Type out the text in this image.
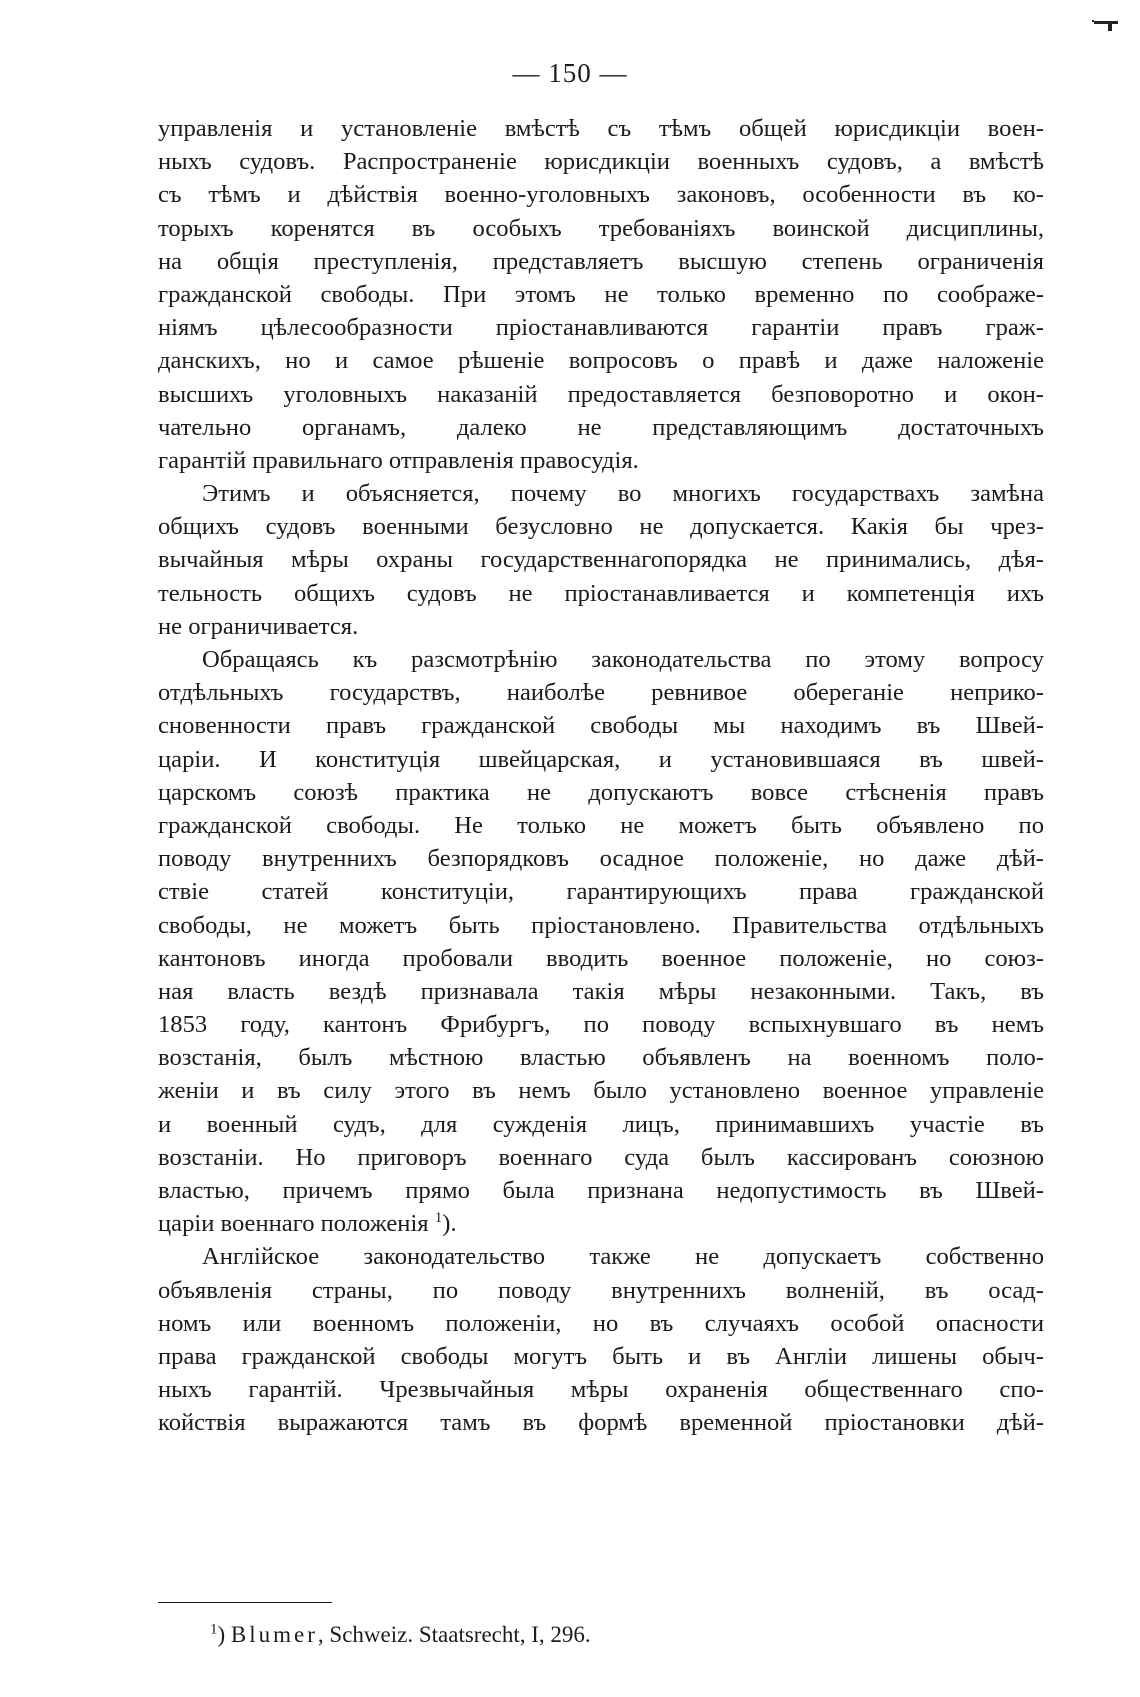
— 150 —
управленія и установленіе вмѣстѣ съ тѣмъ общей юрисдикціи воен-
ныхъ судовъ. Распространеніе юрисдикціи военныхъ судовъ, а вмѣстѣ
съ тѣмъ и дѣйствія военно-уголовныхъ законовъ, особенности въ ко-
торыхъ коренятся въ особыхъ требованіяхъ воинской дисциплины,
на общія преступленія, представляетъ высшую степень ограниченія
гражданской свободы. При этомъ не только временно по соображе-
ніямъ цѣлесообразности пріостанавливаются гарантіи правъ граж-
данскихъ, но и самое рѣшеніе вопросовъ о правѣ и даже наложеніе
высшихъ уголовныхъ наказаній предоставляется безповоротно и окон-
чательно органамъ, далеко не представляющимъ достаточныхъ
гарантій правильнаго отправленія правосудія.
Этимъ и объясняется, почему во многихъ государствахъ замѣна
общихъ судовъ военными безусловно не допускается. Какія бы чрез-
вычайныя мѣры охраны государственнагопорядка не принимались, дѣя-
тельность общихъ судовъ не пріостанавливается и компетенція ихъ
не ограничивается.
Обращаясь къ разсмотрѣнію законодательства по этому вопросу
отдѣльныхъ государствъ, наиболѣе ревнивое обереганіе неприко-
сновенности правъ гражданской свободы мы находимъ въ Швей-
царіи. И конституція швейцарская, и установившаяся въ швей-
царскомъ союзѣ практика не допускаютъ вовсе стѣсненія правъ
гражданской свободы. Не только не можетъ быть объявлено по
поводу внутреннихъ безпорядковъ осадное положеніе, но даже дѣй-
ствіе статей конституціи, гарантирующихъ права гражданской
свободы, не можетъ быть пріостановлено. Правительства отдѣльныхъ
кантоновъ иногда пробовали вводить военное положеніе, но союз-
ная власть вездѣ признавала такія мѣры незаконными. Такъ, въ
1853 году, кантонъ Фрибургъ, по поводу вспыхнувшаго въ немъ
возстанія, былъ мѣстною властью объявленъ на военномъ поло-
женіи и въ силу этого въ немъ было установлено военное управленіе
и военный судъ, для сужденія лицъ, принимавшихъ участіе въ
возстаніи. Но приговоръ военнаго суда былъ кассированъ союзною
властью, причемъ прямо была признана недопустимость въ Швей-
царіи военнаго положенія $^1$).
Англійское законодательство также не допускаетъ собственно
объявленія страны, по поводу внутреннихъ волненій, въ осад-
номъ или военномъ положеніи, но въ случаяхъ особой опасности
права гражданской свободы могутъ быть и въ Англіи лишены обыч-
ныхъ гарантій. Чрезвычайныя мѣры охраненія общественнаго спо-
койствія выражаются тамъ въ формѣ временной пріостановки дѣй-
$^1$) Blumer, Schweiz. Staatsrecht, I, 296.
